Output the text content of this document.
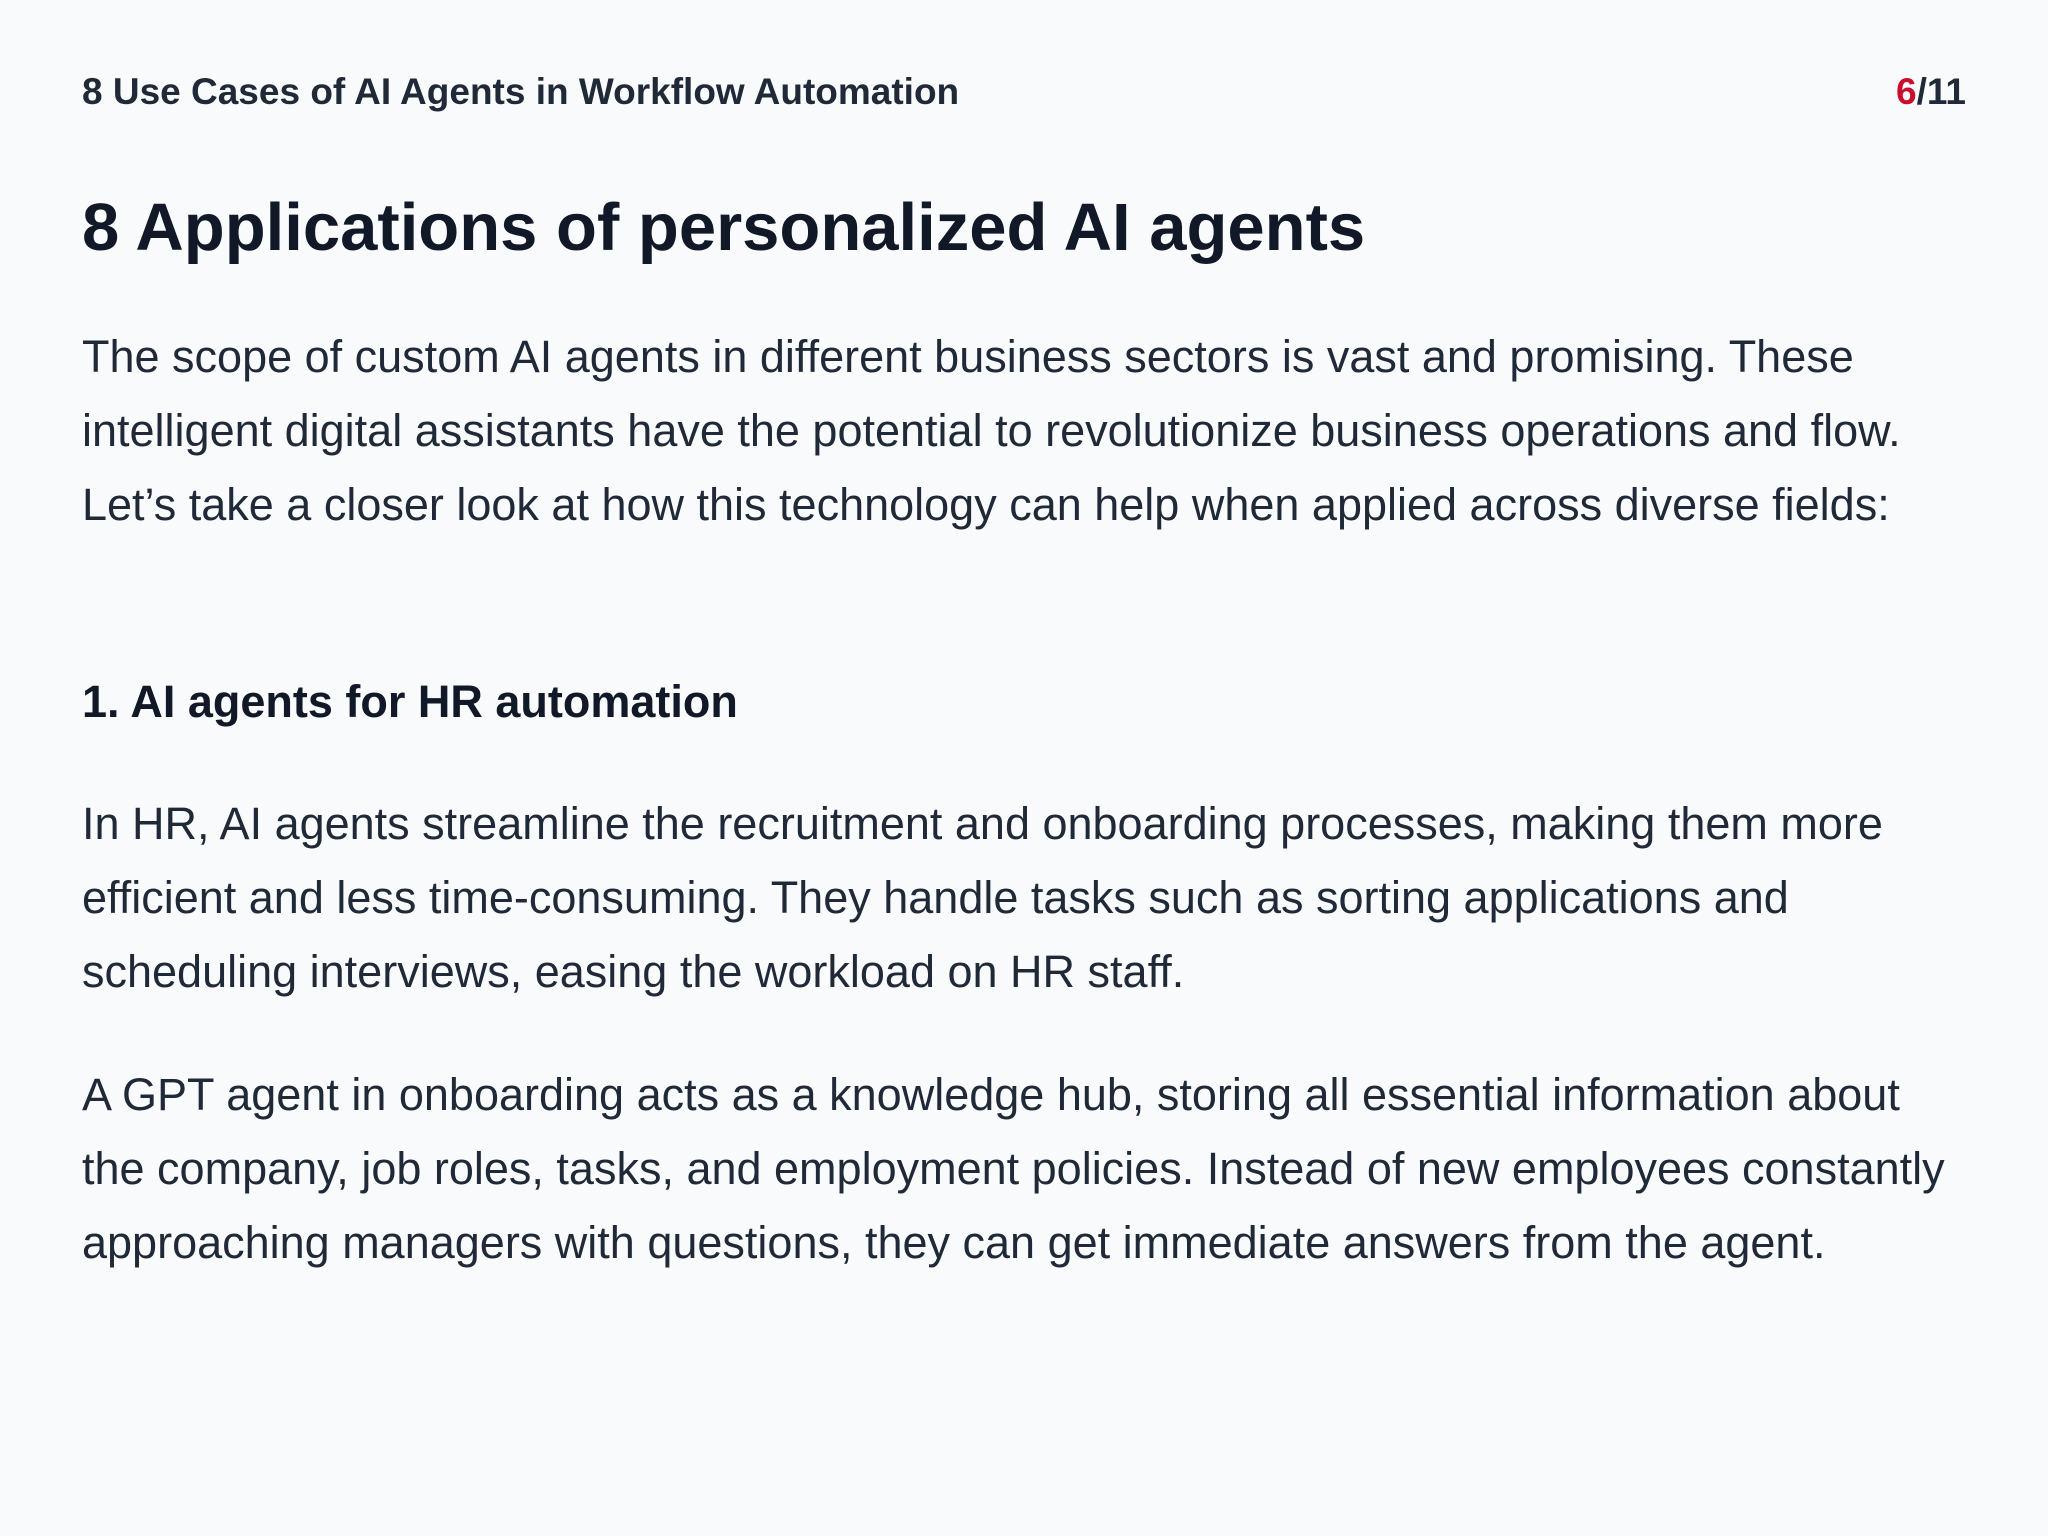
8 Use Cases of AI Agents in Workflow Automation	6/11
8 Applications of personalized AI agents

The scope of custom AI agents in different business sectors is vast and promising. These intelligent digital assistants have the potential to revolutionize business operations and flow. Let’s take a closer look at how this technology can help when applied across diverse fields:

1. AI agents for HR automation

In HR, AI agents streamline the recruitment and onboarding processes, making them more efficient and less time-consuming. They handle tasks such as sorting applications and scheduling interviews, easing the workload on HR staff.

A GPT agent in onboarding acts as a knowledge hub, storing all essential information about the company, job roles, tasks, and employment policies. Instead of new employees constantly approaching managers with questions, they can get immediate answers from the agent.
